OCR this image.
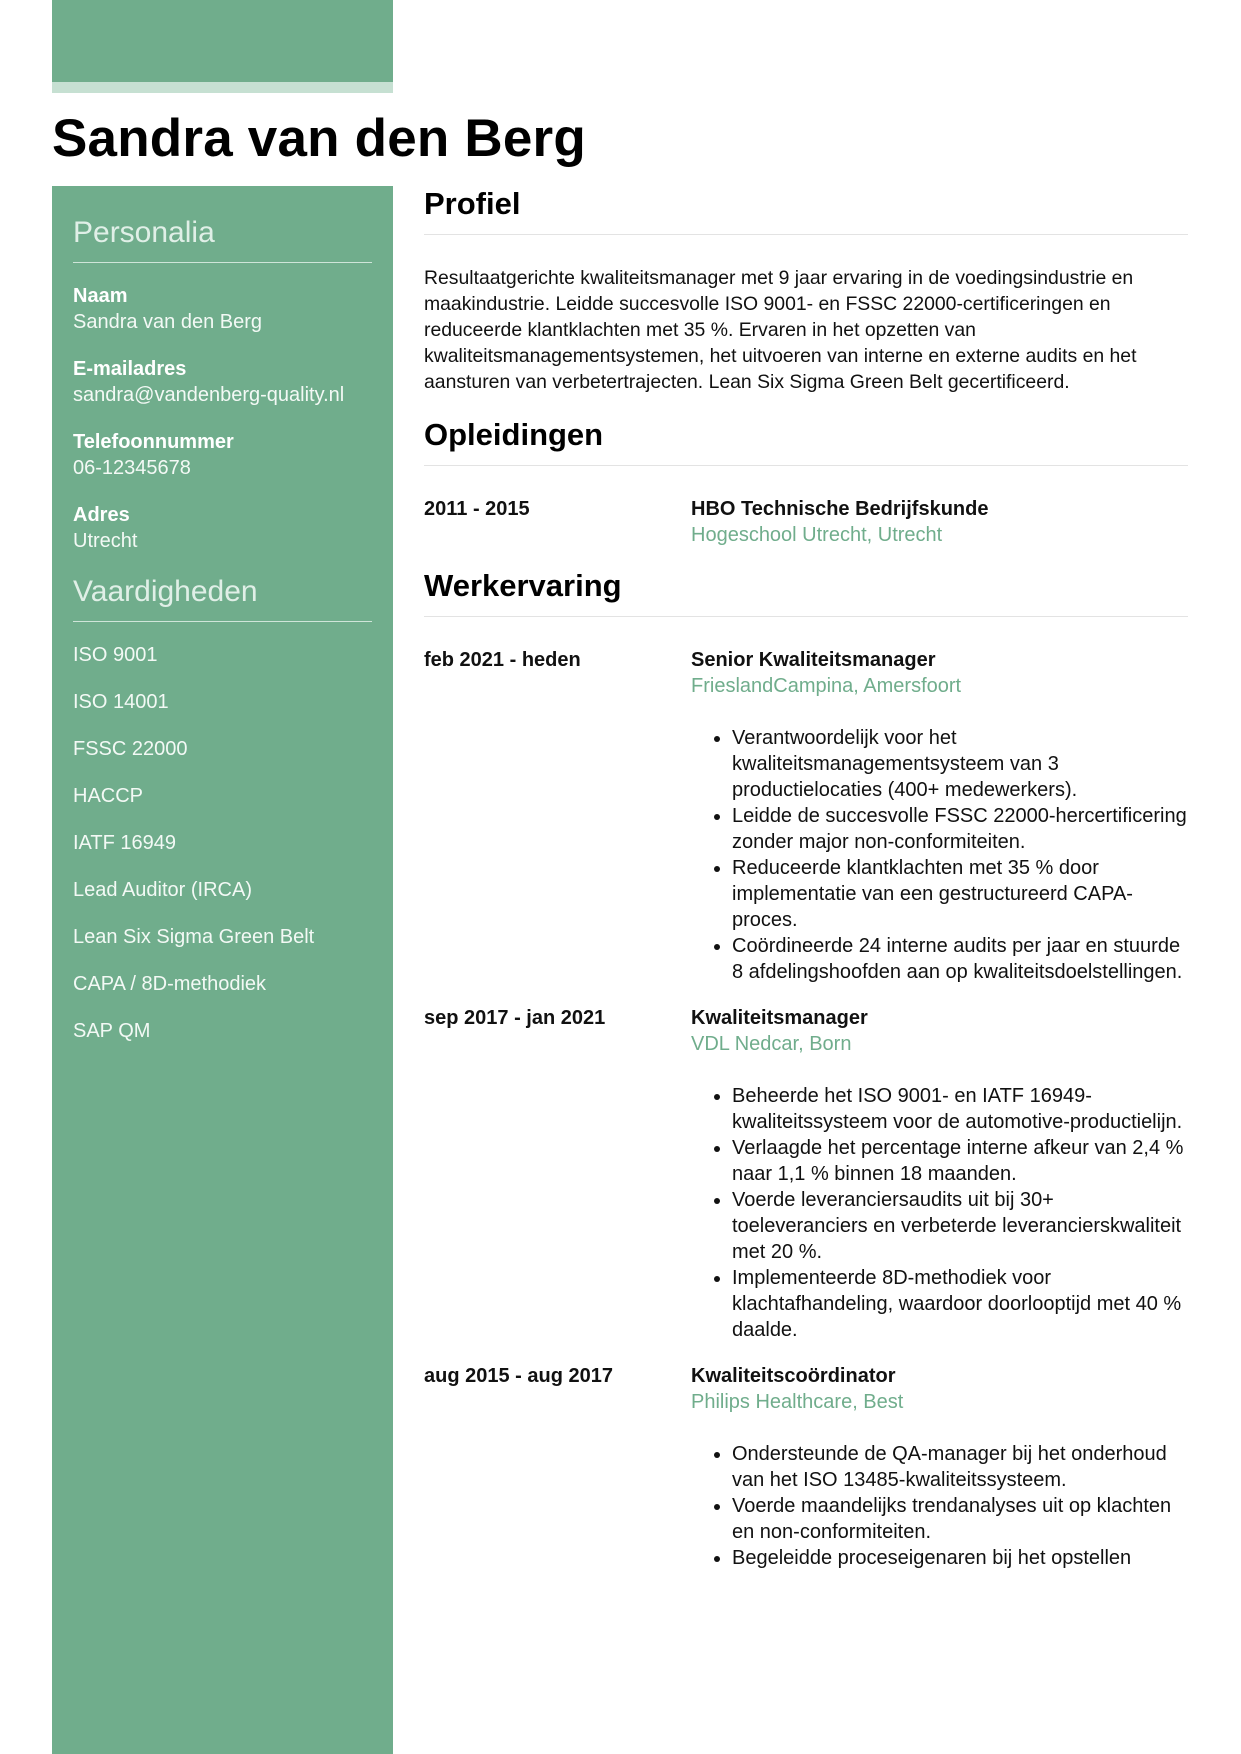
Sandra van den Berg
Personalia

Naam

Sandra van den Berg

E-mailadres

sandra@vandenberg-quality.nl

Telefoonnummer

06-12345678

Adres

Utrecht

Vaardigheden

ISO 9001

ISO 14001

FSSC 22000

HACCP

IATF 16949

Lead Auditor (IRCA)

Lean Six Sigma Green Belt

CAPA / 8D-methodiek

SAP QM

Profiel

Resultaatgerichte kwaliteitsmanager met 9 jaar ervaring in de voedingsindustrie en maakindustrie. Leidde succesvolle ISO 9001- en FSSC 22000-certificeringen en reduceerde klantklachten met 35 %. Ervaren in het opzetten van kwaliteitsmanagementsystemen, het uitvoeren van interne en externe audits en het aansturen van verbetertrajecten. Lean Six Sigma Green Belt gecertificeerd.

Opleidingen
2011 - 2015	HBO Technische Bedrijfskunde
Hogeschool Utrecht, Utrecht
Werkervaring
feb 2021 - heden	Senior Kwaliteitsmanager
FrieslandCampina, Amersfoort
• Verantwoordelijk voor het kwaliteitsmanagementsysteem van 3 productielocaties (400+ medewerkers).
• Leidde de succesvolle FSSC 22000-hercertificering zonder major non-conformiteiten.
• Reduceerde klantklachten met 35 % door implementatie van een gestructureerd CAPA-proces.
• Coördineerde 24 interne audits per jaar en stuurde 8 afdelingshoofden aan op kwaliteitsdoelstellingen.
sep 2017 - jan 2021	Kwaliteitsmanager
VDL Nedcar, Born
• Beheerde het ISO 9001- en IATF 16949-kwaliteitssysteem voor de automotive-productielijn.
• Verlaagde het percentage interne afkeur van 2,4 % naar 1,1 % binnen 18 maanden.
• Voerde leveranciersaudits uit bij 30+ toeleveranciers en verbeterde leverancierskwaliteit met 20 %.
• Implementeerde 8D-methodiek voor klachtafhandeling, waardoor doorlooptijd met 40 % daalde.
aug 2015 - aug 2017	Kwaliteitscoördinator
Philips Healthcare, Best
• Ondersteunde de QA-manager bij het onderhoud van het ISO 13485-kwaliteitssysteem.
• Voerde maandelijks trendanalyses uit op klachten en non-conformiteiten.
• Begeleidde proceseigenaren bij het opstellen
